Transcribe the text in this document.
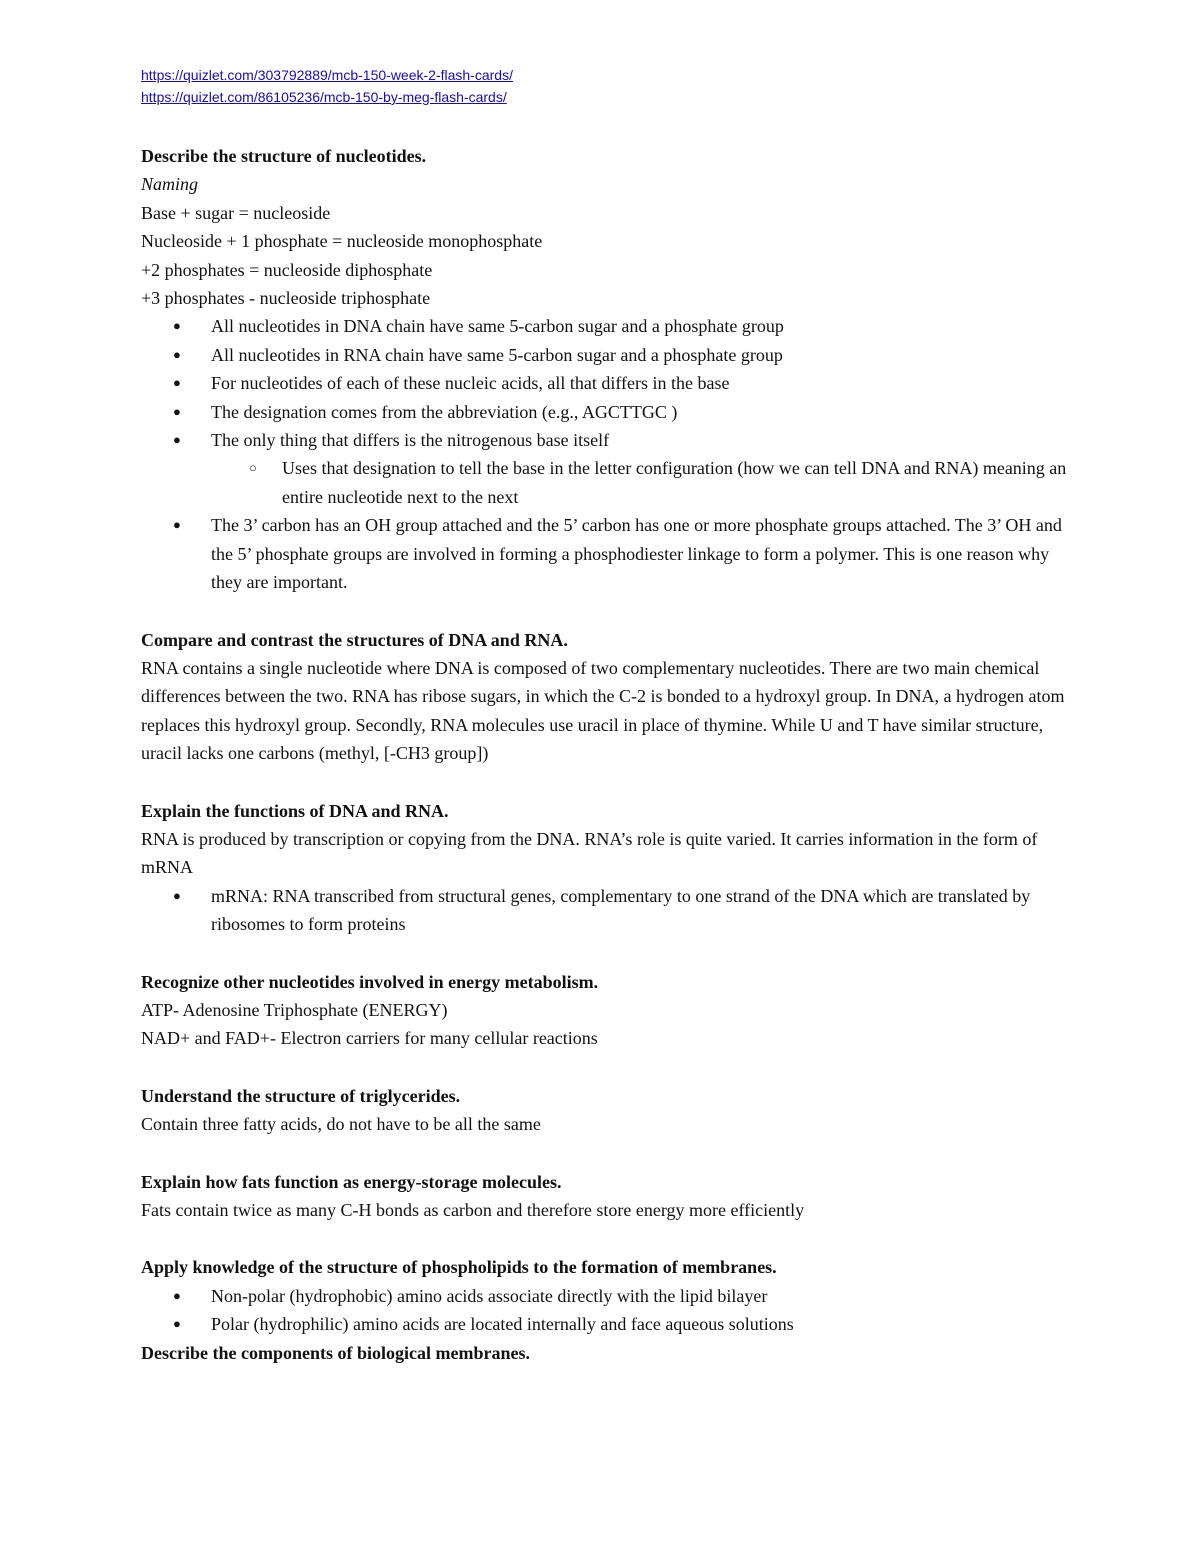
https://quizlet.com/303792889/mcb-150-week-2-flash-cards/
https://quizlet.com/86105236/mcb-150-by-meg-flash-cards/
Describe the structure of nucleotides.
Naming
Base + sugar = nucleoside
Nucleoside + 1 phosphate = nucleoside monophosphate
+2 phosphates = nucleoside diphosphate
+3 phosphates - nucleoside triphosphate
● All nucleotides in DNA chain have same 5-carbon sugar and a phosphate group
● All nucleotides in RNA chain have same 5-carbon sugar and a phosphate group
● For nucleotides of each of these nucleic acids, all that differs in the base
● The designation comes from the abbreviation (e.g., AGCTTGC )
● The only thing that differs is the nitrogenous base itself
○ Uses that designation to tell the base in the letter configuration (how we can tell DNA and RNA) meaning an entire nucleotide next to the next
● The 3’ carbon has an OH group attached and the 5’ carbon has one or more phosphate groups attached. The 3’ OH and the 5’ phosphate groups are involved in forming a phosphodiester linkage to form a polymer. This is one reason why they are important.
Compare and contrast the structures of DNA and RNA.
RNA contains a single nucleotide where DNA is composed of two complementary nucleotides. There are two main chemical differences between the two. RNA has ribose sugars, in which the C-2 is bonded to a hydroxyl group. In DNA, a hydrogen atom replaces this hydroxyl group. Secondly, RNA molecules use uracil in place of thymine. While U and T have similar structure, uracil lacks one carbons (methyl, [-CH3 group])
Explain the functions of DNA and RNA.
RNA is produced by transcription or copying from the DNA. RNA’s role is quite varied. It carries information in the form of mRNA
● mRNA: RNA transcribed from structural genes, complementary to one strand of the DNA which are translated by ribosomes to form proteins
Recognize other nucleotides involved in energy metabolism.
ATP- Adenosine Triphosphate (ENERGY)
NAD+ and FAD+- Electron carriers for many cellular reactions
Understand the structure of triglycerides.
Contain three fatty acids, do not have to be all the same
Explain how fats function as energy-storage molecules.
Fats contain twice as many C-H bonds as carbon and therefore store energy more efficiently
Apply knowledge of the structure of phospholipids to the formation of membranes.
● Non-polar (hydrophobic) amino acids associate directly with the lipid bilayer
● Polar (hydrophilic) amino acids are located internally and face aqueous solutions
Describe the components of biological membranes.
